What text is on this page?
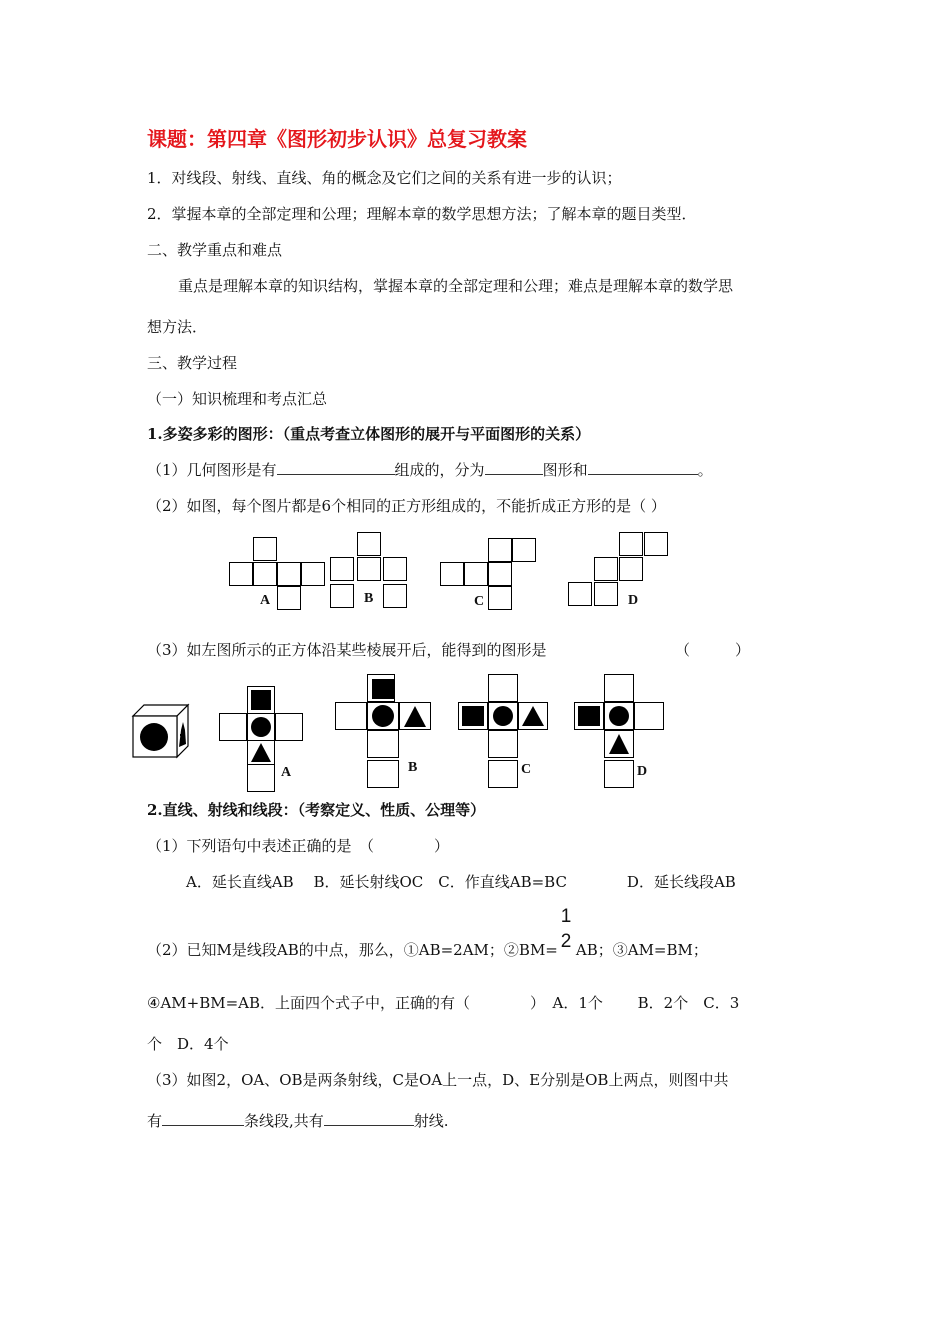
课题：第四章《图形初步认识》总复习教案
1．对线段、射线、直线、角的概念及它们之间的关系有进一步的认识；
2．掌握本章的全部定理和公理；理解本章的数学思想方法；了解本章的题目类型．
二、教学重点和难点
重点是理解本章的知识结构，掌握本章的全部定理和公理；难点是理解本章的数学思
想方法．
三、教学过程
（一）知识梳理和考点汇总
1.多姿多彩的图形：（重点考查立体图形的展开与平面图形的关系）
（1）几何图形是有	组成的，分为	图形和	。
（2）如图，每个图片都是6个相同的正方形组成的，不能折成正方形的是（ ）
A	B	C	D
（3）如左图所示的正方体沿某些棱展开后，能得到的图形是	（　　　）
A	B	C	D
2.直线、射线和线段：（考察定义、性质、公理等）
（1）下列语句中表述正确的是　（　　　　）
A．延长直线AB　 B．延长射线OC　C．作直线AB=BC　　　　D．延长线段AB
（2）已知M是线段AB的中点，那么，①AB=2AM；②BM= AB；③AM=BM；
1
2
④AM+BM=AB．上面四个式子中，正确的有（　　　　）　A．1个　　 B．2个　C．3
个　D．4个
（3）如图2，OA、OB是两条射线，C是OA上一点，D、E分别是OB上两点，则图中共
有	条线段,共有	射线.
